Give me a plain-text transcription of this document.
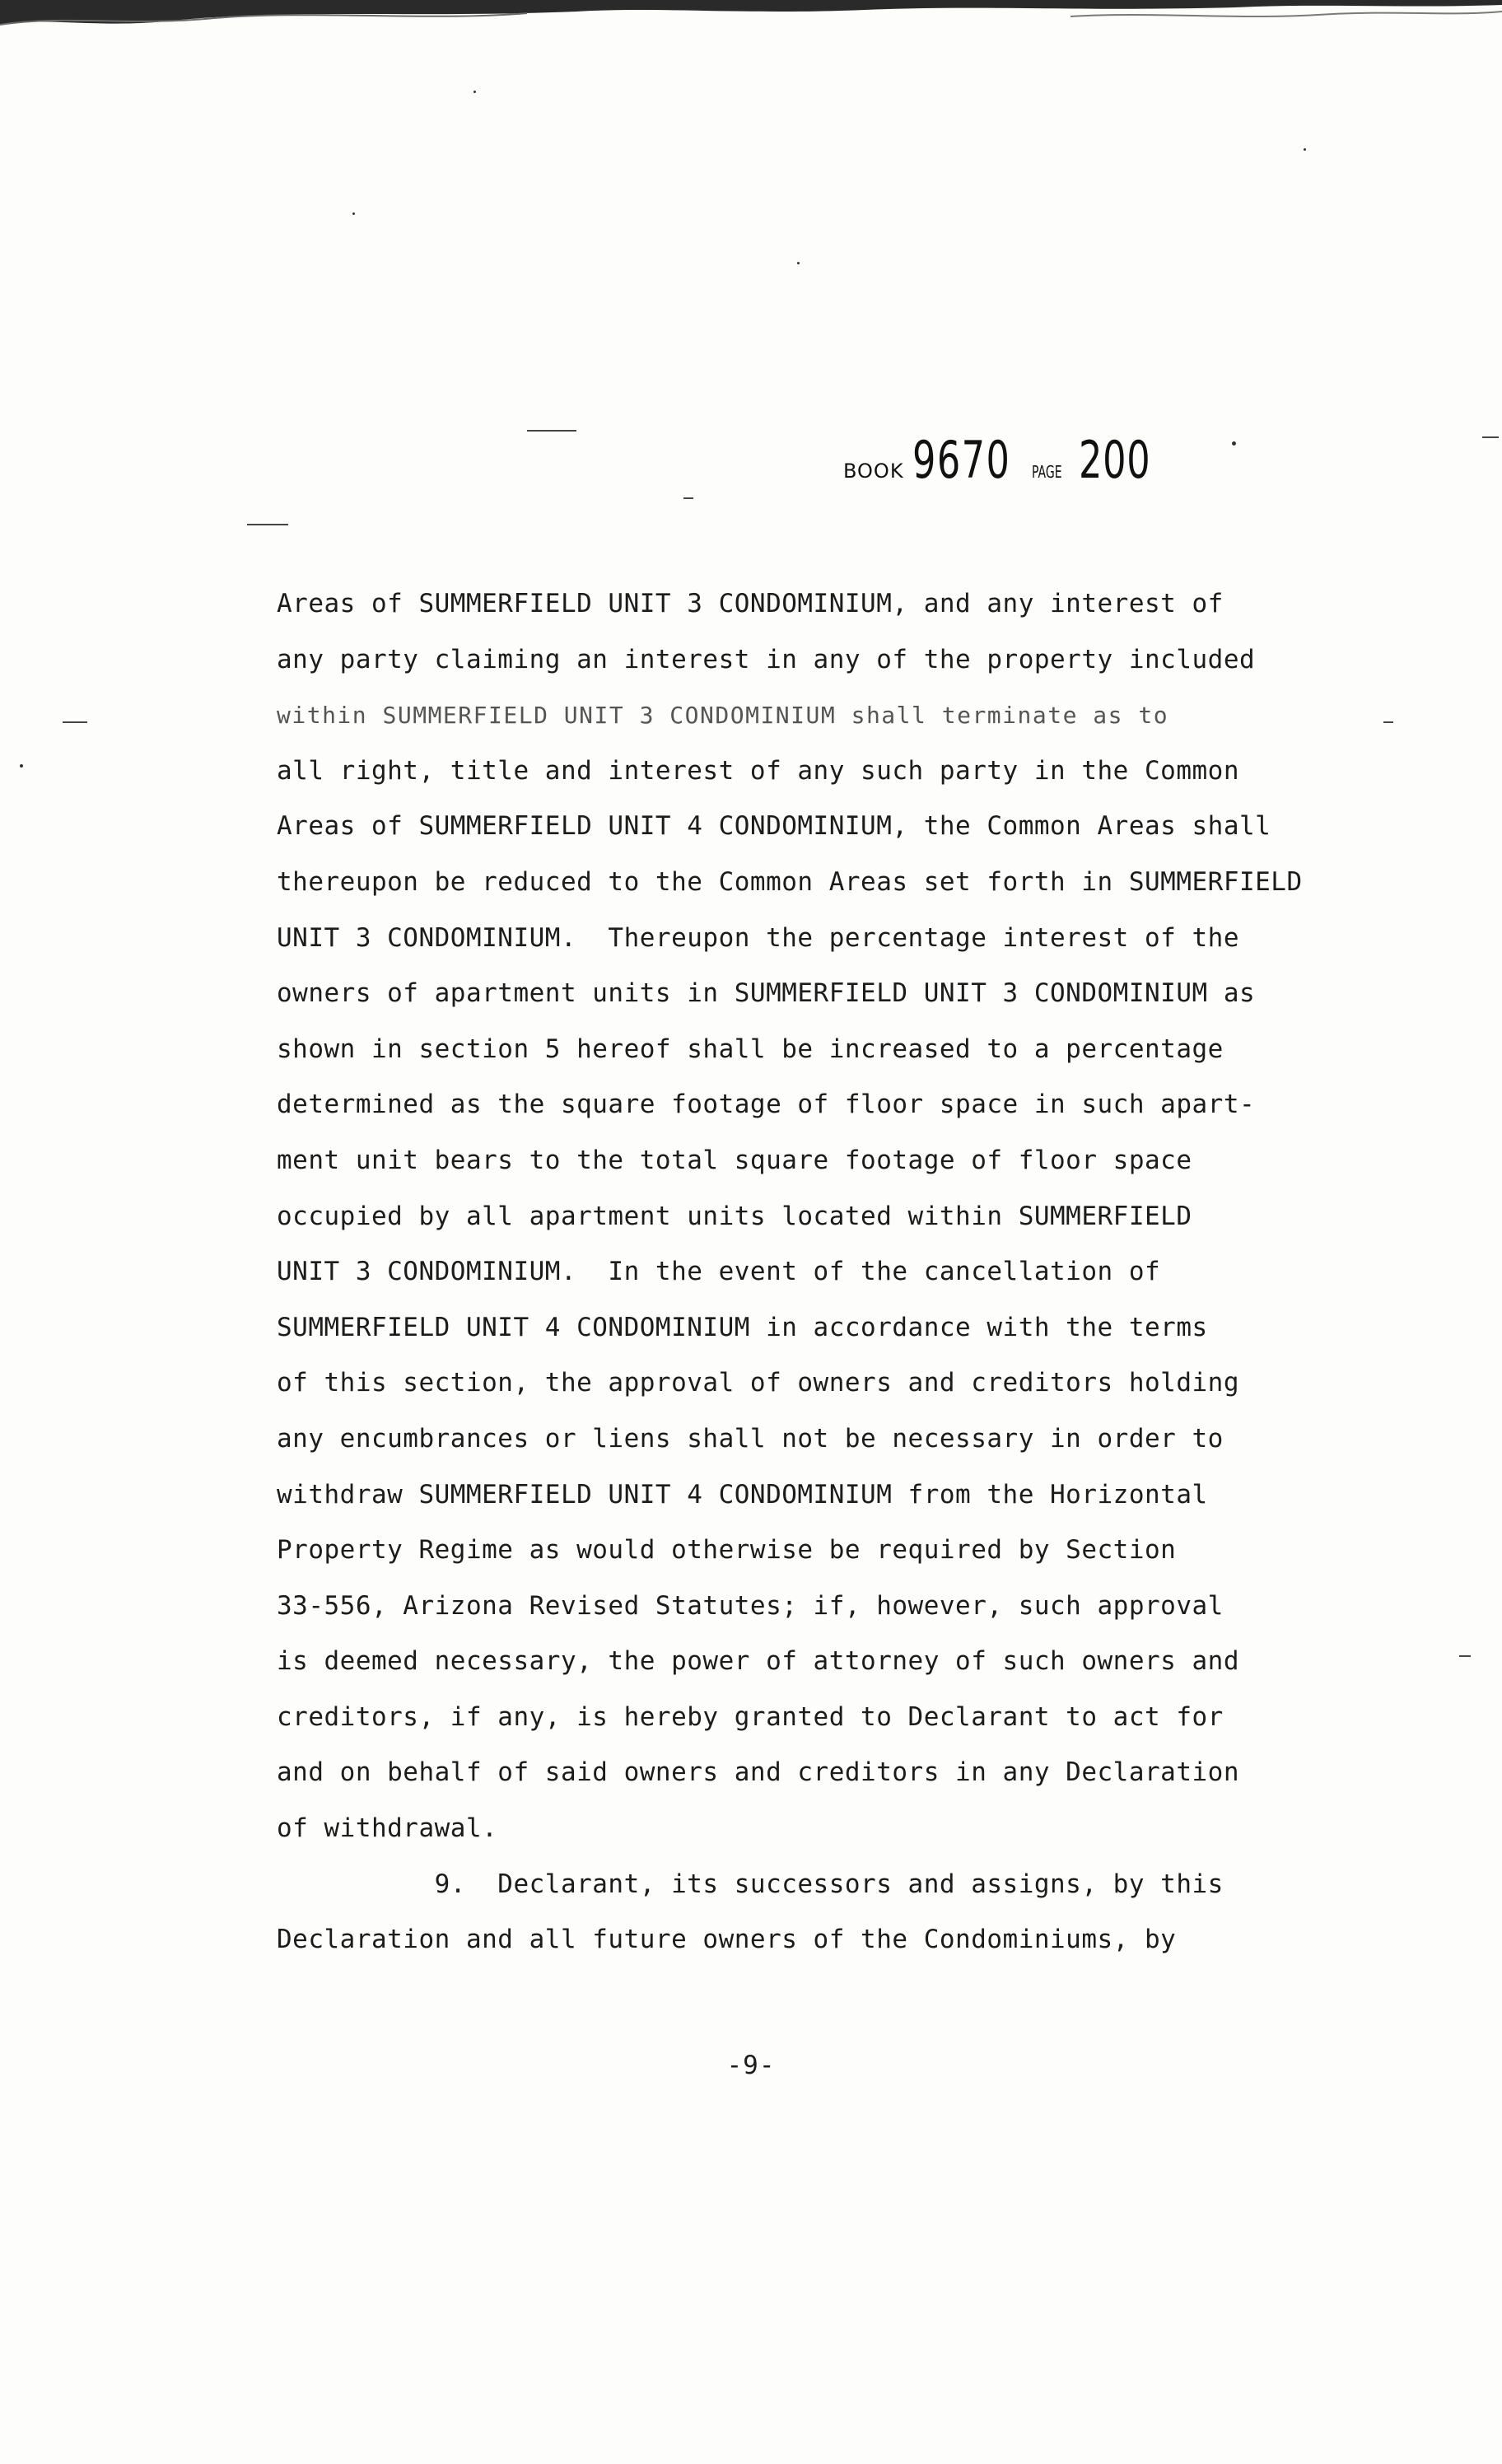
BOOK 9670 PAGE 200
Areas of SUMMERFIELD UNIT 3 CONDOMINIUM, and any interest of
any party claiming an interest in any of the property included
within SUMMERFIELD UNIT 3 CONDOMINIUM shall terminate as to
all right, title and interest of any such party in the Common
Areas of SUMMERFIELD UNIT 4 CONDOMINIUM, the Common Areas shall
thereupon be reduced to the Common Areas set forth in SUMMERFIELD
UNIT 3 CONDOMINIUM.  Thereupon the percentage interest of the
owners of apartment units in SUMMERFIELD UNIT 3 CONDOMINIUM as
shown in section 5 hereof shall be increased to a percentage
determined as the square footage of floor space in such apart-
ment unit bears to the total square footage of floor space
occupied by all apartment units located within SUMMERFIELD
UNIT 3 CONDOMINIUM.  In the event of the cancellation of
SUMMERFIELD UNIT 4 CONDOMINIUM in accordance with the terms
of this section, the approval of owners and creditors holding
any encumbrances or liens shall not be necessary in order to
withdraw SUMMERFIELD UNIT 4 CONDOMINIUM from the Horizontal
Property Regime as would otherwise be required by Section
33-556, Arizona Revised Statutes; if, however, such approval
is deemed necessary, the power of attorney of such owners and
creditors, if any, is hereby granted to Declarant to act for
and on behalf of said owners and creditors in any Declaration
of withdrawal.
9.  Declarant, its successors and assigns, by this
Declaration and all future owners of the Condominiums, by
-9-
